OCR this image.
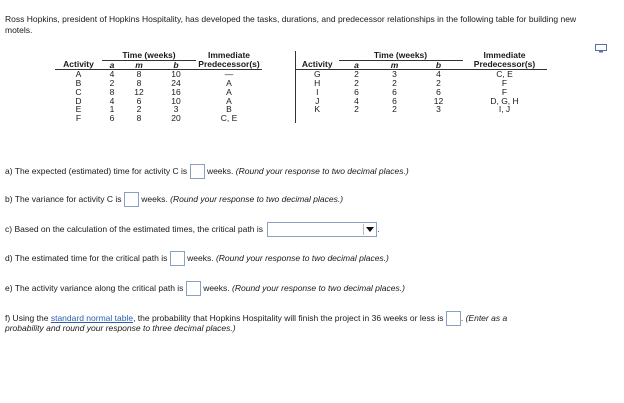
Ross Hopkins, president of Hopkins Hospitality, has developed the tasks, durations, and predecessor relationships in the following table for building new motels.
	Time (weeks)			Immediate
Activity	a	m	b	Predecessor(s)
A	4	8	10	—
B	2	8	24	A
C	8	12	16	A
D	4	6	10	A
E	1	2	3	B
F	6	8	20	C, E
	Time (weeks)			Immediate
Activity	a	m	b	Predecessor(s)
G	2	3	4	C, E
H	2	2	2	F
I	6	6	6	F
J	4	6	12	D, G, H
K	2	2	3	I, J

a) The expected (estimated) time for activity C is weeks. (Round your response to two decimal places.)
b) The variance for activity C is weeks. (Round your response to two decimal places.)
c) Based on the calculation of the estimated times, the critical path is	.
d) The estimated time for the critical path is weeks. (Round your response to two decimal places.)
e) The activity variance along the critical path is weeks. (Round your response to two decimal places.)
f) Using the standard normal table, the probability that Hopkins Hospitality will finish the project in 36 weeks or less is . (Enter as a
probability and round your response to three decimal places.)
